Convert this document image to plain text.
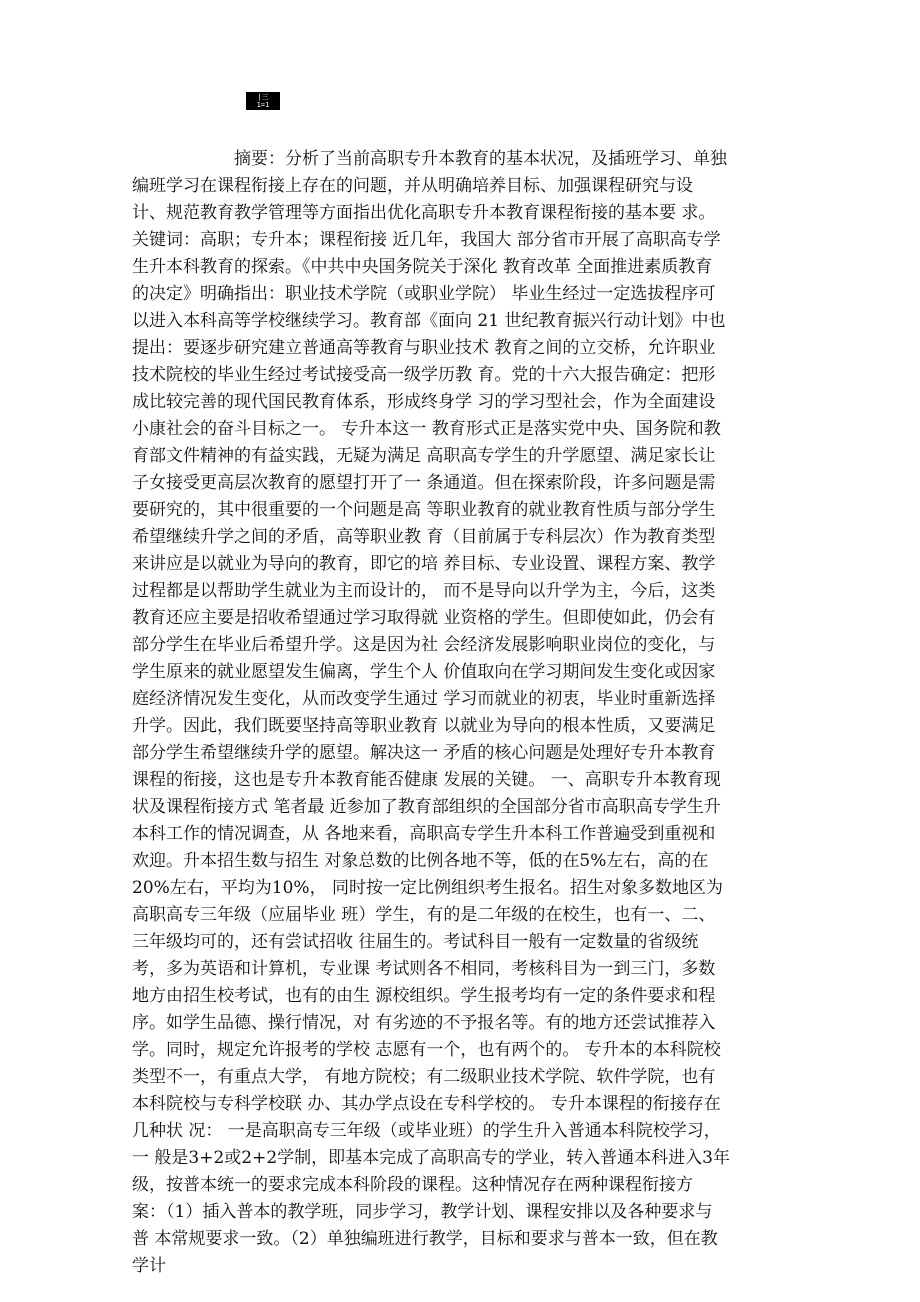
|三
1=1
摘要：分析了当前高职专升本教育的基本状况，及插班学习、单独
编班学习在课程衔接上存在的问题，并从明确培养目标、加强课程研究与设
计、规范教育教学管理等方面指出优化高职专升本教育课程衔接的基本要 求。
关键词：高职；专升本；课程衔接 近几年，我国大 部分省市开展了高职高专学
生升本科教育的探索。《中共中央国务院关于深化 教育改革 全面推进素质教育
的决定》明确指出：职业技术学院（或职业学院） 毕业生经过一定选拔程序可
以进入本科高等学校继续学习。教育部《面向 21 世纪教育振兴行动计划》中也
提出：要逐步研究建立普通高等教育与职业技术 教育之间的立交桥，允许职业
技术院校的毕业生经过考试接受高一级学历教 育。党的十六大报告确定：把形
成比较完善的现代国民教育体系，形成终身学 习的学习型社会，作为全面建设
小康社会的奋斗目标之一。 专升本这一 教育形式正是落实党中央、国务院和教
育部文件精神的有益实践，无疑为满足 高职高专学生的升学愿望、满足家长让
子女接受更高层次教育的愿望打开了一 条通道。但在探索阶段，许多问题是需
要研究的，其中很重要的一个问题是高 等职业教育的就业教育性质与部分学生
希望继续升学之间的矛盾，高等职业教 育（目前属于专科层次）作为教育类型
来讲应是以就业为导向的教育，即它的培 养目标、专业设置、课程方案、教学
过程都是以帮助学生就业为主而设计的， 而不是导向以升学为主，今后，这类
教育还应主要是招收希望通过学习取得就 业资格的学生。但即使如此，仍会有
部分学生在毕业后希望升学。这是因为社 会经济发展影响职业岗位的变化，与
学生原来的就业愿望发生偏离，学生个人 价值取向在学习期间发生变化或因家
庭经济情况发生变化，从而改变学生通过 学习而就业的初衷，毕业时重新选择
升学。因此，我们既要坚持高等职业教育 以就业为导向的根本性质，又要满足
部分学生希望继续升学的愿望。解决这一 矛盾的核心问题是处理好专升本教育
课程的衔接，这也是专升本教育能否健康 发展的关键。 一、高职专升本教育现
状及课程衔接方式 笔者最 近参加了教育部组织的全国部分省市高职高专学生升
本科工作的情况调查，从 各地来看，高职高专学生升本科工作普遍受到重视和
欢迎。升本招生数与招生 对象总数的比例各地不等，低的在5%左右，高的在
20%左右，平均为10%， 同时按一定比例组织考生报名。招生对象多数地区为
高职高专三年级（应届毕业 班）学生，有的是二年级的在校生，也有一、二、
三年级均可的，还有尝试招收 往届生的。考试科目一般有一定数量的省级统
考，多为英语和计算机，专业课 考试则各不相同，考核科目为一到三门，多数
地方由招生校考试，也有的由生 源校组织。学生报考均有一定的条件要求和程
序。如学生品德、操行情况，对 有劣迹的不予报名等。有的地方还尝试推荐入
学。同时，规定允许报考的学校 志愿有一个，也有两个的。 专升本的本科院校
类型不一，有重点大学， 有地方院校；有二级职业技术学院、软件学院，也有
本科院校与专科学校联 办、其办学点设在专科学校的。 专升本课程的衔接存在
几种状 况： 一是高职高专三年级（或毕业班）的学生升入普通本科院校学习，
一 般是3+2或2+2学制，即基本完成了高职高专的学业，转入普通本科进入3年
级，按普本统一的要求完成本科阶段的课程。这种情况存在两种课程衔接方
案：（1）插入普本的教学班，同步学习，教学计划、课程安排以及各种要求与
普 本常规要求一致。（2）单独编班进行教学，目标和要求与普本一致，但在教
学计
